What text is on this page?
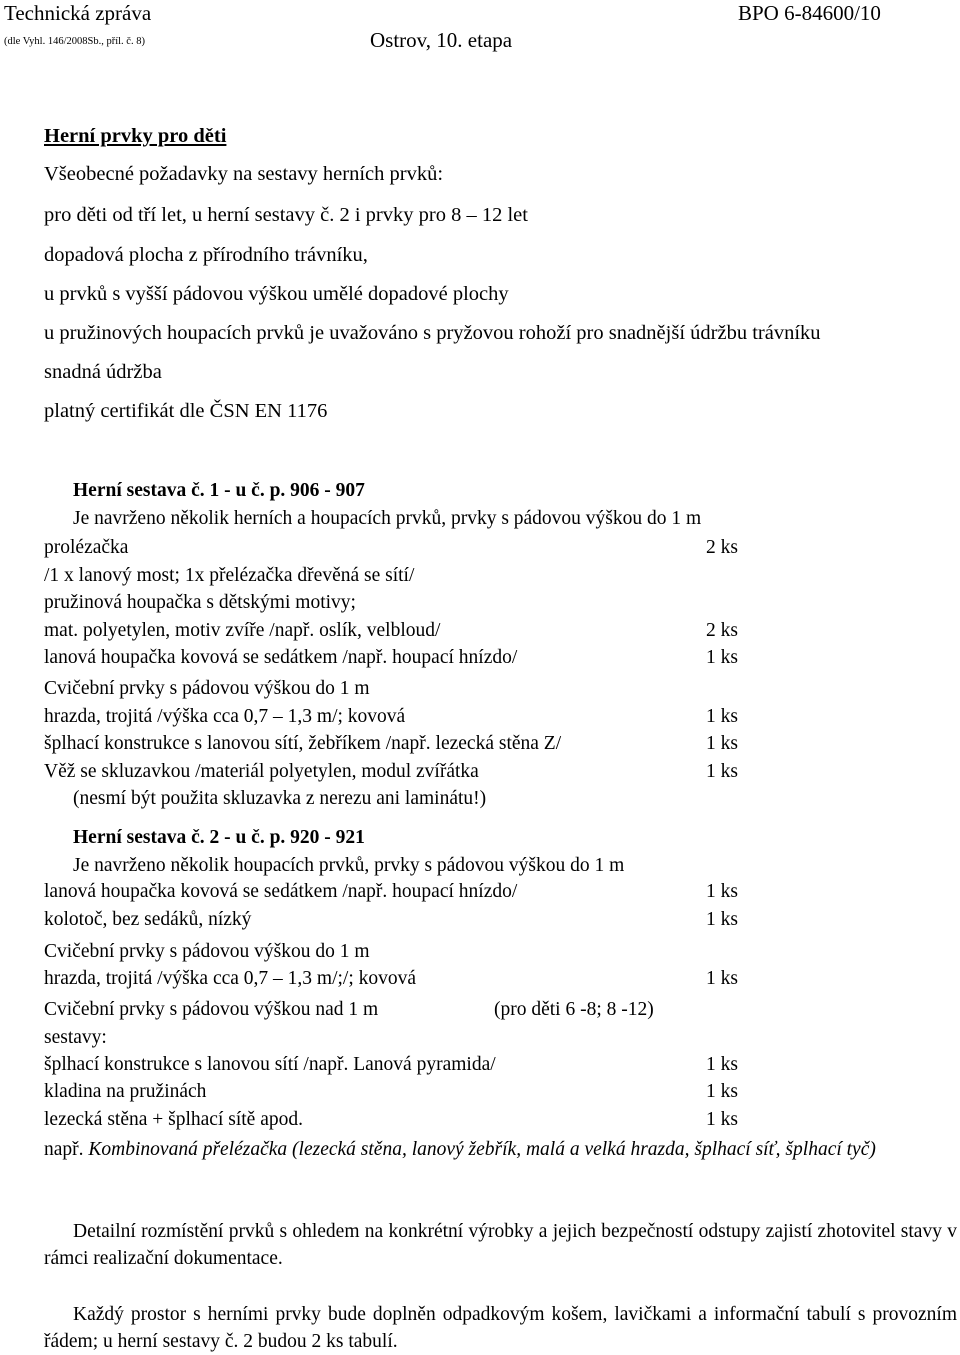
Technická zpráva
(dle Vyhl. 146/2008Sb., příl. č. 8)	Ostrov, 10. etapa
BPO 6-84600/10
Herní prvky pro děti
Všeobecné požadavky na sestavy herních prvků:
pro děti od tří let, u herní sestavy č. 2 i prvky pro 8 – 12 let
dopadová plocha z přírodního trávníku,
u prvků s vyšší pádovou výškou umělé dopadové plochy
u pružinových houpacích prvků je uvažováno s pryžovou rohoží pro snadnější údržbu trávníku
snadná údržba
platný certifikát dle ČSN EN 1176
Herní sestava č. 1 - u č. p. 906 - 907
Je navrženo několik herních a houpacích prvků, prvky s pádovou výškou do 1 m
prolézačka	2 ks
/1 x lanový most; 1x přelézačka dřevěná se sítí/
pružinová houpačka s dětskými motivy;
mat. polyetylen, motiv zvíře /např. oslík, velbloud/	2 ks
lanová houpačka kovová se sedátkem /např. houpací hnízdo/	1 ks
Cvičební prvky s pádovou výškou do 1 m
hrazda, trojitá /výška cca 0,7 – 1,3 m/; kovová	1 ks
šplhací konstrukce s lanovou sítí, žebříkem /např. lezecká stěna Z/	1 ks
Věž se skluzavkou /materiál polyetylen, modul zvířátka	1 ks
(nesmí být použita skluzavka z nerezu ani laminátu!)
Herní sestava č. 2 - u č. p. 920 - 921
Je navrženo několik houpacích prvků, prvky s pádovou výškou do 1 m
lanová houpačka kovová se sedátkem /např. houpací hnízdo/	1 ks
kolotoč, bez sedáků, nízký	1 ks
Cvičební prvky s pádovou výškou do 1 m
hrazda, trojitá /výška cca 0,7 – 1,3 m/;/; kovová	1 ks
Cvičební prvky s pádovou výškou nad 1 m	(pro děti 6 -8; 8 -12)
sestavy:
šplhací konstrukce s lanovou sítí /např. Lanová pyramida/	1 ks
kladina na pružinách	1 ks
lezecká stěna + šplhací sítě apod.	1 ks
např. Kombinovaná přelézačka (lezecká stěna, lanový žebřík, malá a velká hrazda, šplhací síť, šplhací tyč)
Detailní rozmístění prvků s ohledem na konkrétní výrobky a jejich bezpečností odstupy zajistí zhotovitel stavy v rámci realizační dokumentace.
Každý prostor s herními prvky bude doplněn odpadkovým košem, lavičkami a informační tabulí s provozním řádem; u herní sestavy č. 2 budou 2 ks tabulí.
